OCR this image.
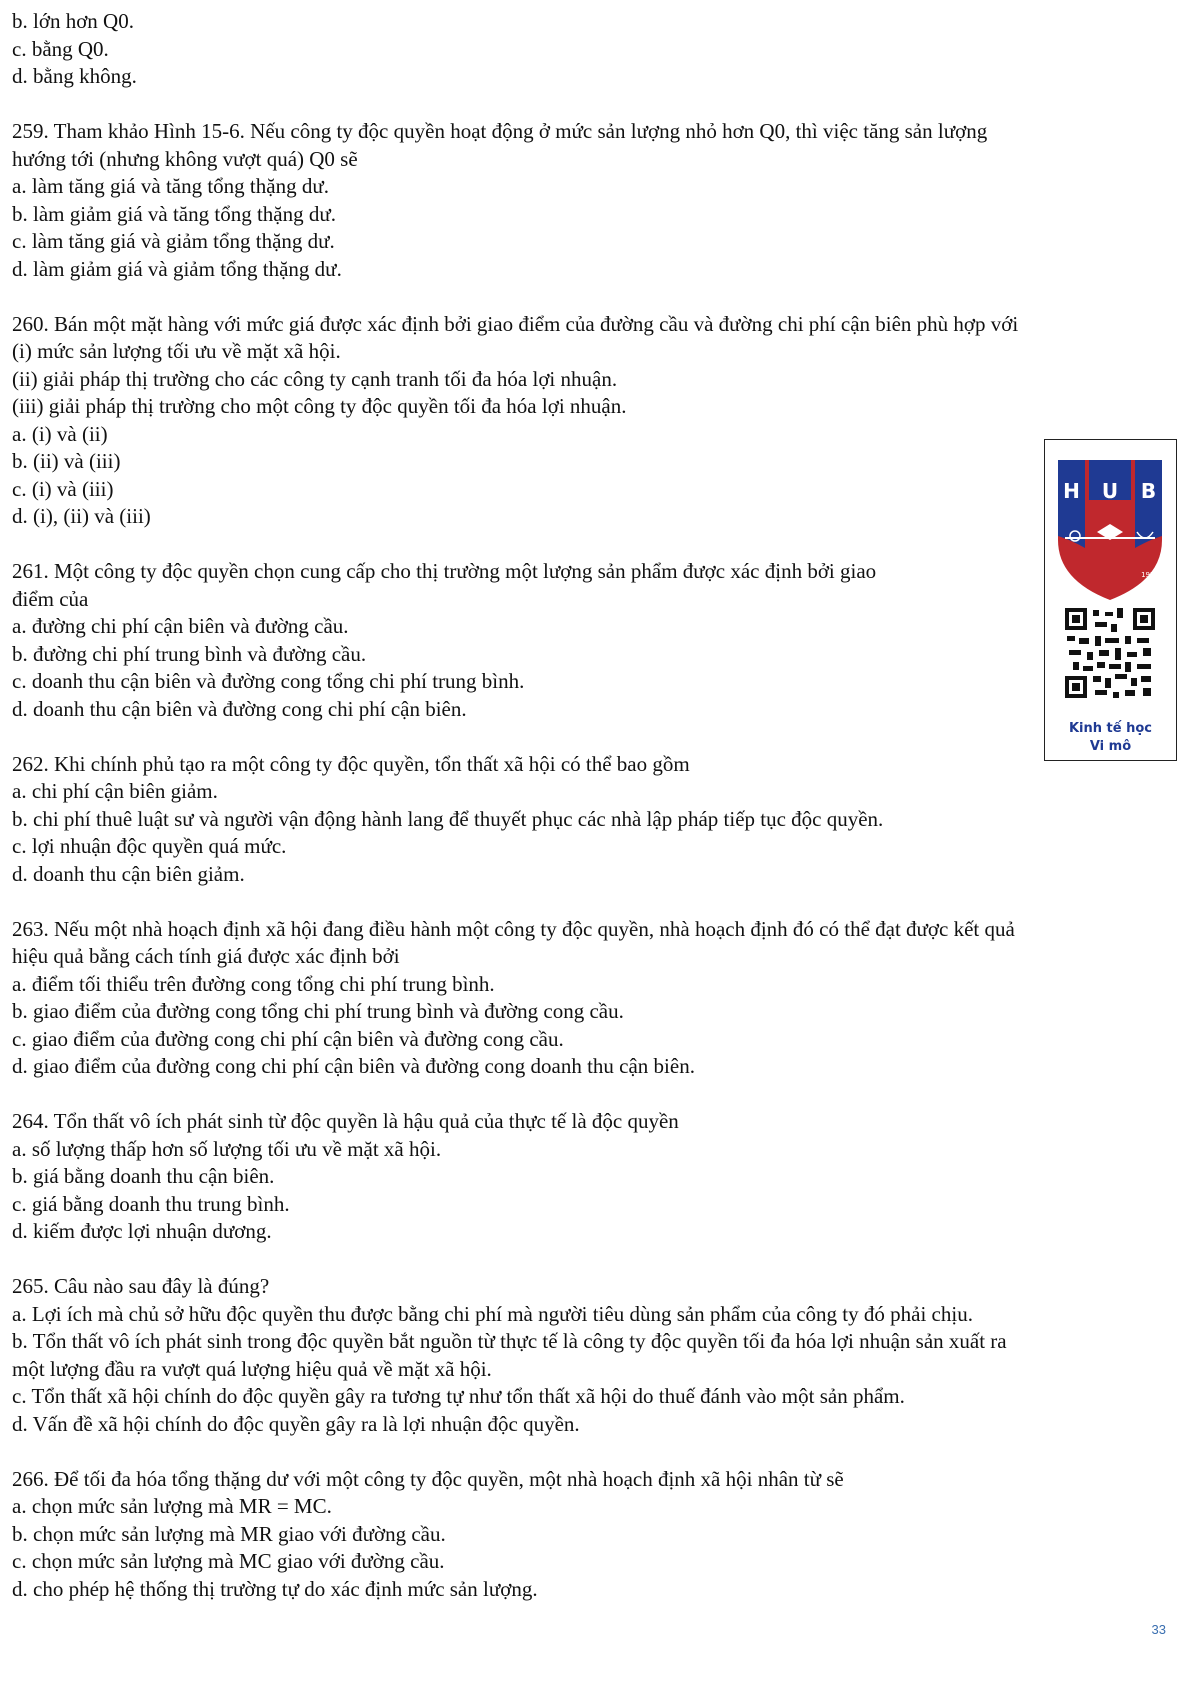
b. lớn hơn Q0.
c. bằng Q0.
d. bằng không.
259. Tham khảo Hình 15-6. Nếu công ty độc quyền hoạt động ở mức sản lượng nhỏ hơn Q0, thì việc tăng sản lượng
hướng tới (nhưng không vượt quá) Q0 sẽ
a. làm tăng giá và tăng tổng thặng dư.
b. làm giảm giá và tăng tổng thặng dư.
c. làm tăng giá và giảm tổng thặng dư.
d. làm giảm giá và giảm tổng thặng dư.
260. Bán một mặt hàng với mức giá được xác định bởi giao điểm của đường cầu và đường chi phí cận biên phù hợp với
(i) mức sản lượng tối ưu về mặt xã hội.
(ii) giải pháp thị trường cho các công ty cạnh tranh tối đa hóa lợi nhuận.
(iii) giải pháp thị trường cho một công ty độc quyền tối đa hóa lợi nhuận.
a. (i) và (ii)
b. (ii) và (iii)
c. (i) và (iii)
d. (i), (ii) và (iii)
261. Một công ty độc quyền chọn cung cấp cho thị trường một lượng sản phẩm được xác định bởi giao
điểm của
a. đường chi phí cận biên và đường cầu.
b. đường chi phí trung bình và đường cầu.
c. doanh thu cận biên và đường cong tổng chi phí trung bình.
d. doanh thu cận biên và đường cong chi phí cận biên.
262. Khi chính phủ tạo ra một công ty độc quyền, tổn thất xã hội có thể bao gồm
a. chi phí cận biên giảm.
b. chi phí thuê luật sư và người vận động hành lang để thuyết phục các nhà lập pháp tiếp tục độc quyền.
c. lợi nhuận độc quyền quá mức.
d. doanh thu cận biên giảm.
263. Nếu một nhà hoạch định xã hội đang điều hành một công ty độc quyền, nhà hoạch định đó có thể đạt được kết quả
hiệu quả bằng cách tính giá được xác định bởi
a. điểm tối thiểu trên đường cong tổng chi phí trung bình.
b. giao điểm của đường cong tổng chi phí trung bình và đường cong cầu.
c. giao điểm của đường cong chi phí cận biên và đường cong cầu.
d. giao điểm của đường cong chi phí cận biên và đường cong doanh thu cận biên.
264. Tổn thất vô ích phát sinh từ độc quyền là hậu quả của thực tế là độc quyền
a. số lượng thấp hơn số lượng tối ưu về mặt xã hội.
b. giá bằng doanh thu cận biên.
c. giá bằng doanh thu trung bình.
d. kiếm được lợi nhuận dương.
265. Câu nào sau đây là đúng?
a. Lợi ích mà chủ sở hữu độc quyền thu được bằng chi phí mà người tiêu dùng sản phẩm của công ty đó phải chịu.
b. Tổn thất vô ích phát sinh trong độc quyền bắt nguồn từ thực tế là công ty độc quyền tối đa hóa lợi nhuận sản xuất ra
một lượng đầu ra vượt quá lượng hiệu quả về mặt xã hội.
c. Tổn thất xã hội chính do độc quyền gây ra tương tự như tổn thất xã hội do thuế đánh vào một sản phẩm.
d. Vấn đề xã hội chính do độc quyền gây ra là lợi nhuận độc quyền.
266. Để tối đa hóa tổng thặng dư với một công ty độc quyền, một nhà hoạch định xã hội nhân từ sẽ
a. chọn mức sản lượng mà MR = MC.
b. chọn mức sản lượng mà MR giao với đường cầu.
c. chọn mức sản lượng mà MC giao với đường cầu.
d. cho phép hệ thống thị trường tự do xác định mức sản lượng.
H U B
1976
Kinh tế học
Vi mô
33
